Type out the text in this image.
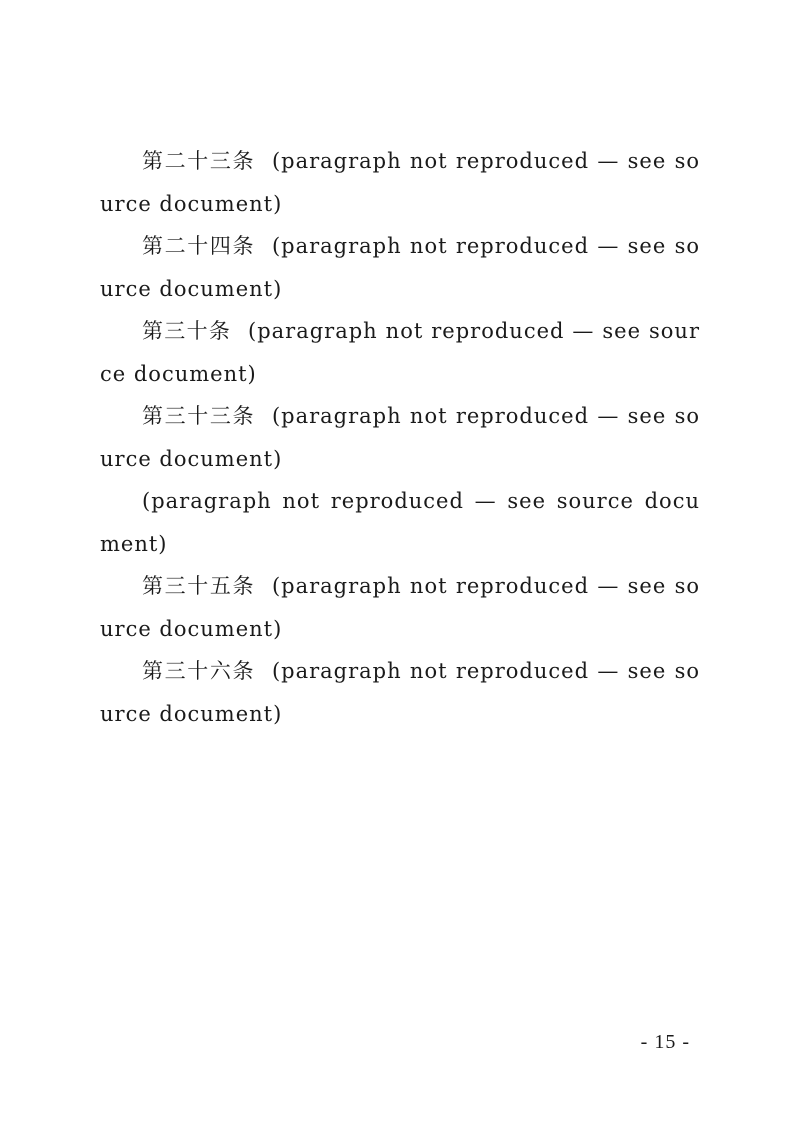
第二十三条 (paragraph not reproduced — see source document)

第二十四条 (paragraph not reproduced — see source document)

第三十条 (paragraph not reproduced — see source document)

第三十三条 (paragraph not reproduced — see source document)

(paragraph not reproduced — see source document)

第三十五条 (paragraph not reproduced — see source document)

第三十六条 (paragraph not reproduced — see source document)

- 15 -
